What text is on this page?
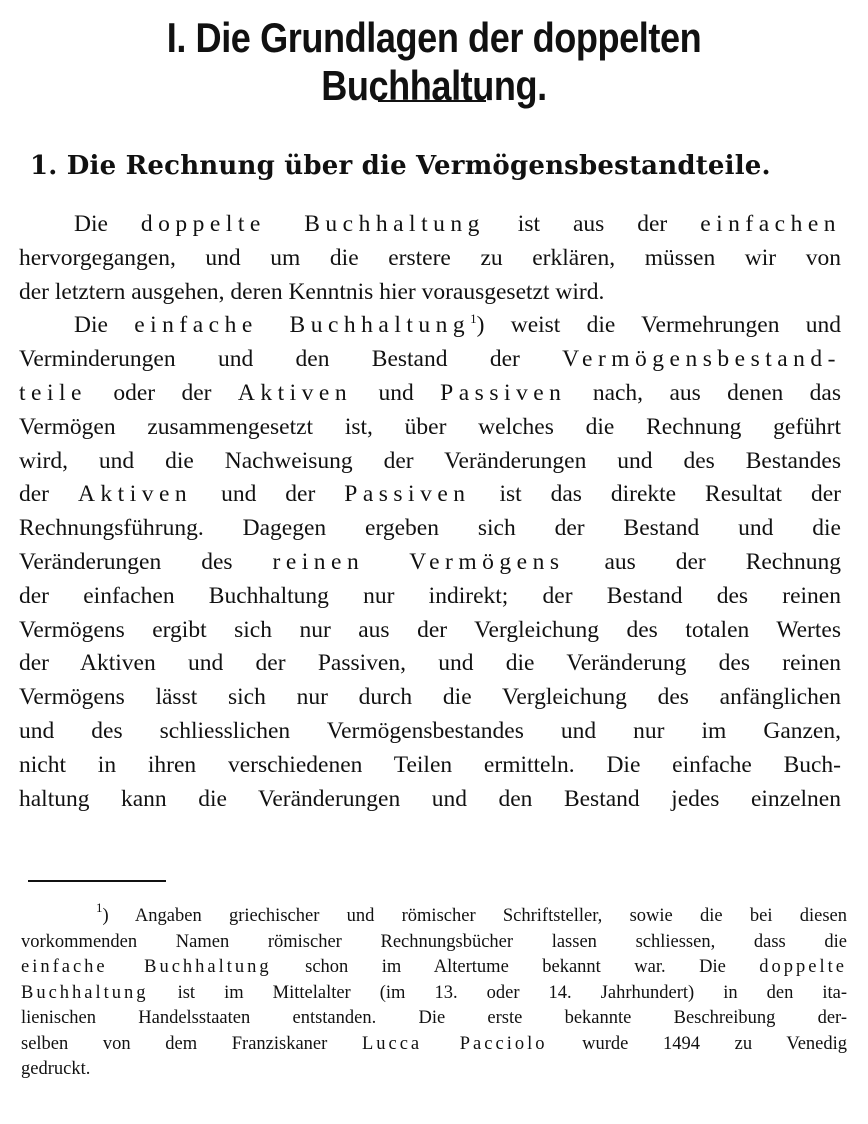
I. Die Grundlagen der doppelten Buchhaltung.
1. Die Rechnung über die Vermögensbestandteile.
Die doppelte Buchhaltung ist aus der einfachen
hervorgegangen, und um die erstere zu erklären, müssen wir von
der letztern ausgehen, deren Kenntnis hier vorausgesetzt wird.
Die einfache Buchhaltung$^1$) weist die Vermehrungen und
Verminderungen und den Bestand der Vermögensbestand-
teile oder der Aktiven und Passiven nach, aus denen das
Vermögen zusammengesetzt ist, über welches die Rechnung geführt
wird, und die Nachweisung der Veränderungen und des Bestandes
der Aktiven und der Passiven ist das direkte Resultat der
Rechnungsführung. Dagegen ergeben sich der Bestand und die
Veränderungen des reinen Vermögens aus der Rechnung
der einfachen Buchhaltung nur indirekt; der Bestand des reinen
Vermögens ergibt sich nur aus der Vergleichung des totalen Wertes
der Aktiven und der Passiven, und die Veränderung des reinen
Vermögens lässt sich nur durch die Vergleichung des anfänglichen
und des schliesslichen Vermögensbestandes und nur im Ganzen,
nicht in ihren verschiedenen Teilen ermitteln. Die einfache Buch-
haltung kann die Veränderungen und den Bestand jedes einzelnen
$^1$) Angaben griechischer und römischer Schriftsteller, sowie die bei diesen
vorkommenden Namen römischer Rechnungsbücher lassen schliessen, dass die
einfache Buchhaltung schon im Altertume bekannt war. Die doppelte
Buchhaltung ist im Mittelalter (im 13. oder 14. Jahrhundert) in den ita-
lienischen Handelsstaaten entstanden. Die erste bekannte Beschreibung der-
selben von dem Franziskaner Lucca Pacciolo wurde 1494 zu Venedig
gedruckt.
